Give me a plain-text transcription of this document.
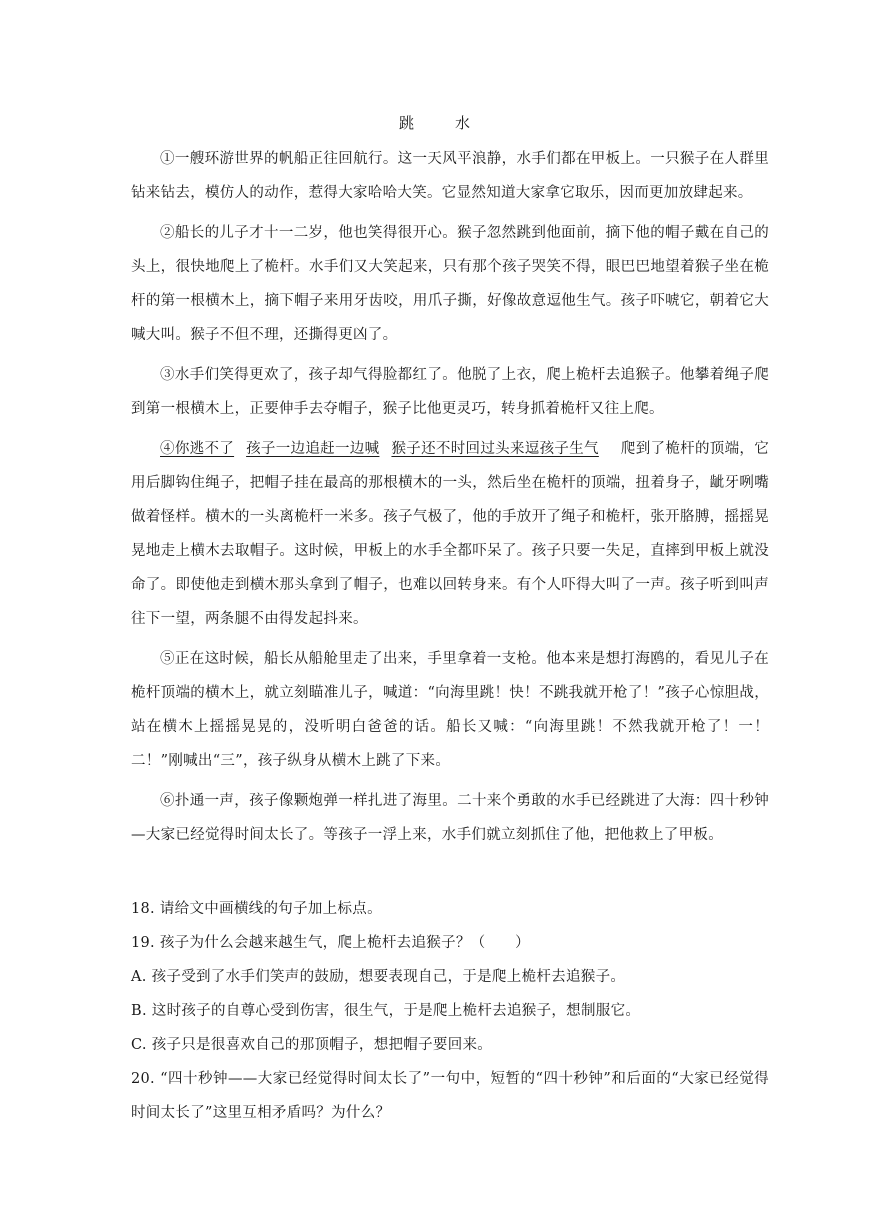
跳　水

①一艘环游世界的帆船正往回航行。这一天风平浪静，水手们都在甲板上。一只猴子在人群里钻来钻去，模仿人的动作，惹得大家哈哈大笑。它显然知道大家拿它取乐，因而更加放肆起来。

②船长的儿子才十一二岁，他也笑得很开心。猴子忽然跳到他面前，摘下他的帽子戴在自己的头上，很快地爬上了桅杆。水手们又大笑起来，只有那个孩子哭笑不得，眼巴巴地望着猴子坐在桅杆的第一根横木上，摘下帽子来用牙齿咬，用爪子撕，好像故意逗他生气。孩子吓唬它，朝着它大喊大叫。猴子不但不理，还撕得更凶了。

③水手们笑得更欢了，孩子却气得脸都红了。他脱了上衣，爬上桅杆去追猴子。他攀着绳子爬到第一根横木上，正要伸手去夺帽子，猴子比他更灵巧，转身抓着桅杆又往上爬。

④你逃不了 孩子一边追赶一边喊 猴子还不时回过头来逗孩子生气 爬到了桅杆的顶端，它用后脚钩住绳子，把帽子挂在最高的那根横木的一头，然后坐在桅杆的顶端，扭着身子，龇牙咧嘴做着怪样。横木的一头离桅杆一米多。孩子气极了，他的手放开了绳子和桅杆，张开胳膊，摇摇晃晃地走上横木去取帽子。这时候，甲板上的水手全都吓呆了。孩子只要一失足，直摔到甲板上就没命了。即使他走到横木那头拿到了帽子，也难以回转身来。有个人吓得大叫了一声。孩子听到叫声往下一望，两条腿不由得发起抖来。

⑤正在这时候，船长从船舱里走了出来，手里拿着一支枪。他本来是想打海鸥的，看见儿子在桅杆顶端的横木上，就立刻瞄准儿子，喊道：“向海里跳！快！不跳我就开枪了！”孩子心惊胆战，站在横木上摇摇晃晃的，没听明白爸爸的话。船长又喊：“向海里跳！不然我就开枪了！一！二！”刚喊出“三”，孩子纵身从横木上跳了下来。

⑥扑通一声，孩子像颗炮弹一样扎进了海里。二十来个勇敢的水手已经跳进了大海：四十秒钟—大家已经觉得时间太长了。等孩子一浮上来，水手们就立刻抓住了他，把他救上了甲板。

18. 请给文中画横线的句子加上标点。

19. 孩子为什么会越来越生气，爬上桅杆去追猴子？（　　）

A. 孩子受到了水手们笑声的鼓励，想要表现自己，于是爬上桅杆去追猴子。

B. 这时孩子的自尊心受到伤害，很生气，于是爬上桅杆去追猴子，想制服它。

C. 孩子只是很喜欢自己的那顶帽子，想把帽子要回来。

20. “四十秒钟——大家已经觉得时间太长了”一句中，短暂的“四十秒钟”和后面的“大家已经觉得时间太长了”这里互相矛盾吗？为什么？
